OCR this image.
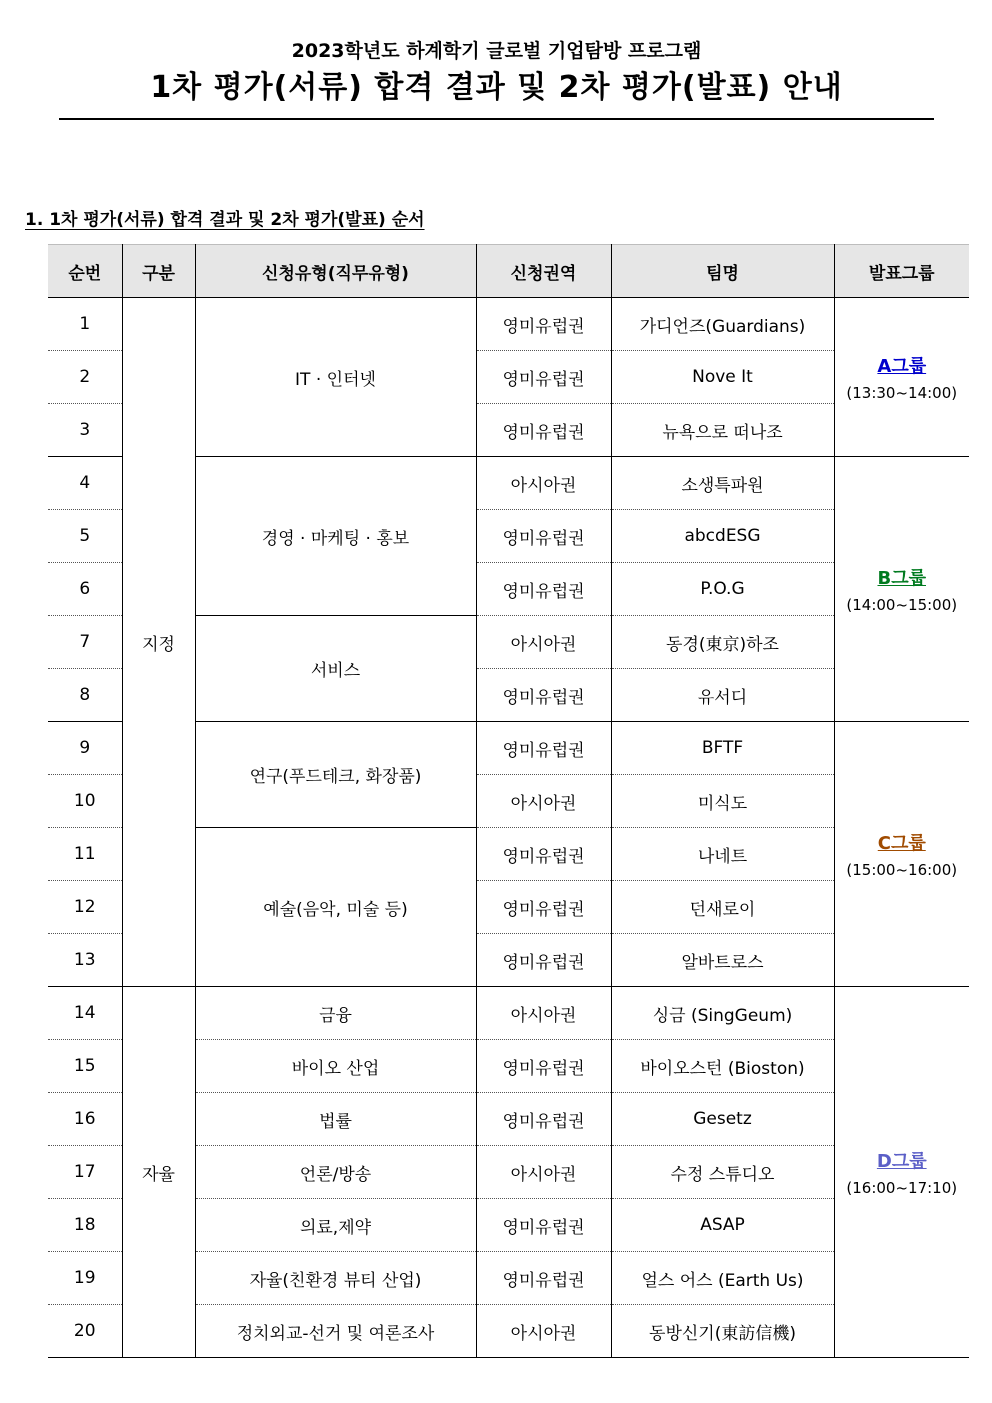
2023학년도 하계학기 글로벌 기업탐방 프로그램
1차 평가(서류) 합격 결과 및 2차 평가(발표) 안내
1. 1차 평가(서류) 합격 결과 및 2차 평가(발표) 순서
순번	구분	신청유형(직무유형)	신청권역	팀명	발표그룹
1	지정	IT · 인터넷	영미유럽권	가디언즈(Guardians)	A그룹
(13:30~14:00)

2			영미유럽권	Nove It	
3			영미유럽권	뉴욕으로 떠나조	
4		경영 · 마케팅 · 홍보	아시아권	소생특파원	B그룹
(14:00~15:00)

5			영미유럽권	abcdESG	
6			영미유럽권	P.O.G	
7		서비스	아시아권	동경(東京)하조	
8			영미유럽권	유서디	
9		연구(푸드테크, 화장품)	영미유럽권	BFTF	C그룹
(15:00~16:00)

10			아시아권	미식도	
11		예술(음악, 미술 등)	영미유럽권	나네트	
12			영미유럽권	던새로이	
13			영미유럽권	알바트로스	
14	자율	금융	아시아권	싱금 (SingGeum)	D그룹
(16:00~17:10)

15		바이오 산업	영미유럽권	바이오스턴 (Bioston)	
16		법률	영미유럽권	Gesetz	
17		언론/방송	아시아권	수정 스튜디오	
18		의료,제약	영미유럽권	ASAP	
19		자율(친환경 뷰티 산업)	영미유럽권	얼스 어스 (Earth Us)	
20		정치외교-선거 및 여론조사	아시아권	동방신기(東訪信機)	
